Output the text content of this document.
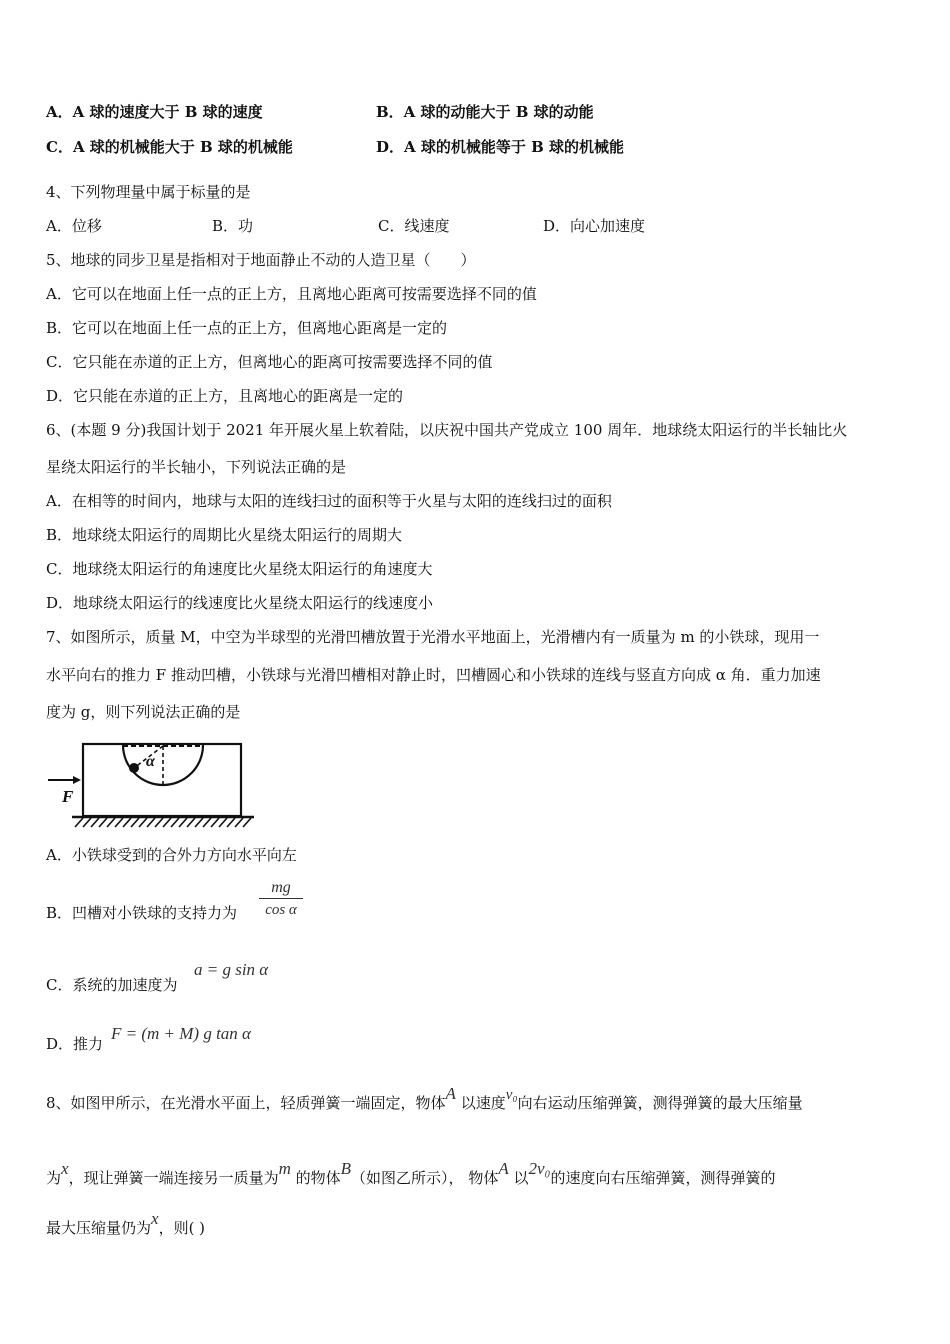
A．A 球的速度大于 B 球的速度	B．A 球的动能大于 B 球的动能
C．A 球的机械能大于 B 球的机械能	D．A 球的机械能等于 B 球的机械能
4、下列物理量中属于标量的是
A．位移	B．功	C．线速度	D．向心加速度
5、地球的同步卫星是指相对于地面静止不动的人造卫星（　　）
A．它可以在地面上任一点的正上方，且离地心距离可按需要选择不同的值
B．它可以在地面上任一点的正上方，但离地心距离是一定的
C．它只能在赤道的正上方，但离地心的距离可按需要选择不同的值
D．它只能在赤道的正上方，且离地心的距离是一定的
6、(本题 9 分)我国计划于 2021 年开展火星上软着陆，以庆祝中国共产党成立 100 周年．地球绕太阳运行的半长轴比火
星绕太阳运行的半长轴小，下列说法正确的是
A．在相等的时间内，地球与太阳的连线扫过的面积等于火星与太阳的连线扫过的面积
B．地球绕太阳运行的周期比火星绕太阳运行的周期大
C．地球绕太阳运行的角速度比火星绕太阳运行的角速度大
D．地球绕太阳运行的线速度比火星绕太阳运行的线速度小
7、如图所示，质量 M，中空为半球型的光滑凹槽放置于光滑水平地面上，光滑槽内有一质量为 m 的小铁球，现用一
水平向右的推力 F 推动凹槽，小铁球与光滑凹槽相对静止时，凹槽圆心和小铁球的连线与竖直方向成 α 角．重力加速
度为 g，则下列说法正确的是
α
F
A．小铁球受到的合外力方向水平向左
B．凹槽对小铁球的支持力为 $\frac{mg}{\text{cos α}}$
C．系统的加速度为
a = g sin α
D．推力
F = (m + M) g tan α
8、如图甲所示，在光滑水平面上，轻质弹簧一端固定，物体A 以速度v₀向右运动压缩弹簧，测得弹簧的最大压缩量
为x，现让弹簧一端连接另一质量为m 的物体B（如图乙所示）， 物体A 以2v₀的速度向右压缩弹簧，测得弹簧的
最大压缩量仍为x，则( )
